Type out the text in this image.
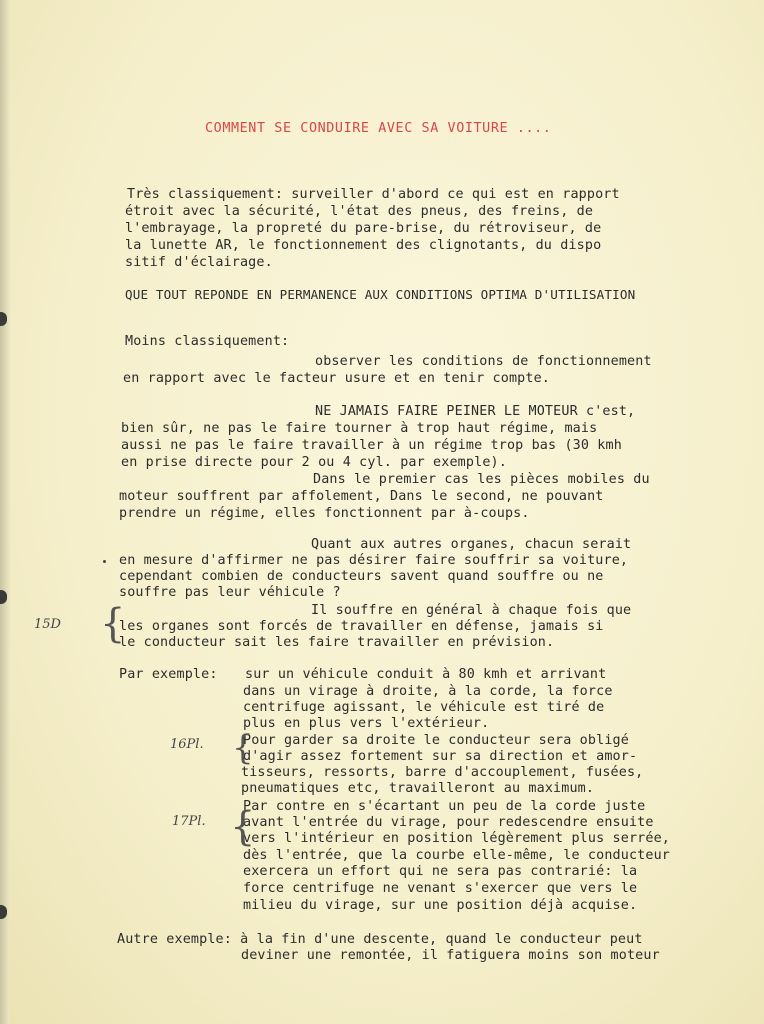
COMMENT SE CONDUIRE AVEC SA VOITURE ....
Très classiquement: surveiller d'abord ce qui est en rapport
étroit avec la sécurité, l'état des pneus, des freins, de
l'embrayage, la propreté du pare-brise, du rétroviseur, de
la lunette AR, le fonctionnement des clignotants, du dispo
sitif d'éclairage.
QUE TOUT REPONDE EN PERMANENCE AUX CONDITIONS OPTIMA D'UTILISATION
Moins classiquement:
observer les conditions de fonctionnement
en rapport avec le facteur usure et en tenir compte.
NE JAMAIS FAIRE PEINER LE MOTEUR c'est,
bien sûr, ne pas le faire tourner à trop haut régime, mais
aussi ne pas le faire travailler à un régime trop bas (30 kmh
en prise directe pour 2 ou 4 cyl. par exemple).
Dans le premier cas les pièces mobiles du
moteur souffrent par affolement, Dans le second, ne pouvant
prendre un régime, elles fonctionnent par à-coups.
Quant aux autres organes, chacun serait
en mesure d'affirmer ne pas désirer faire souffrir sa voiture,
cependant combien de conducteurs savent quand souffre ou ne
souffre pas leur véhicule ?
Il souffre en général à chaque fois que
les organes sont forcés de travailler en défense, jamais si
le conducteur sait les faire travailler en prévision.
15D {
Par exemple: sur un véhicule conduit à 80 kmh et arrivant
dans un virage à droite, à la corde, la force
centrifuge agissant, le véhicule est tiré de
plus en plus vers l'extérieur.
Pour garder sa droite le conducteur sera obligé
d'agir assez fortement sur sa direction et amor-
tisseurs, ressorts, barre d'accouplement, fusées,
pneumatiques etc, travailleront au maximum.
16Pl. {
Par contre en s'écartant un peu de la corde juste
avant l'entrée du virage, pour redescendre ensuite
vers l'intérieur en position légèrement plus serrée,
dès l'entrée, que la courbe elle-même, le conducteur
exercera un effort qui ne sera pas contrarié: la
force centrifuge ne venant s'exercer que vers le
milieu du virage, sur une position déjà acquise.
17Pl. {
Autre exemple: à la fin d'une descente, quand le conducteur peut
deviner une remontée, il fatiguera moins son moteur
